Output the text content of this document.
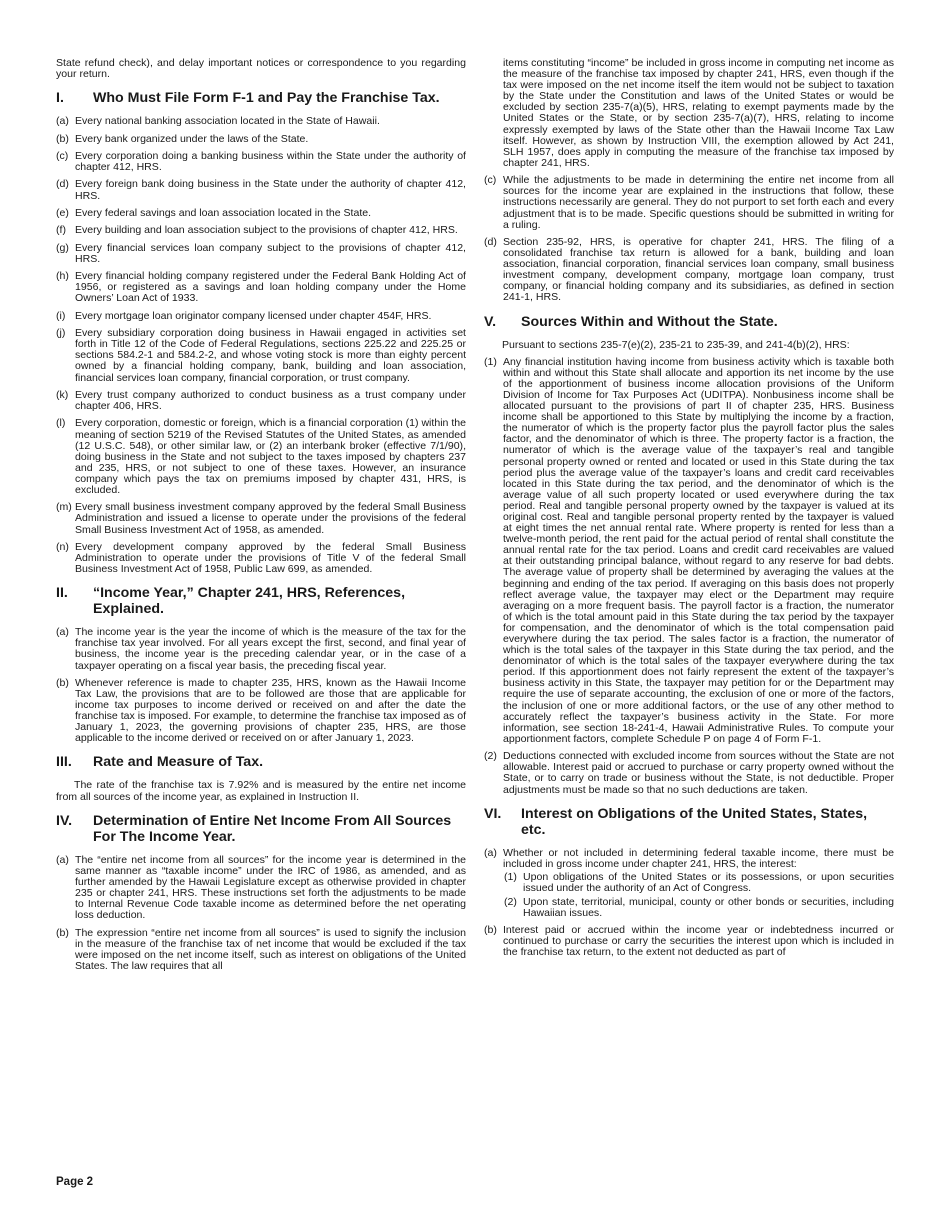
State refund check), and delay important notices or correspondence to you regarding your return.

I. Who Must File Form F-1 and Pay the Franchise Tax.
(a) Every national banking association located in the State of Hawaii.
(b) Every bank organized under the laws of the State.
(c) Every corporation doing a banking business within the State under the authority of chapter 412, HRS.
(d) Every foreign bank doing business in the State under the authority of chapter 412, HRS.
(e) Every federal savings and loan association located in the State.
(f) Every building and loan association subject to the provisions of chapter 412, HRS.
(g) Every financial services loan company subject to the provisions of chapter 412, HRS.
(h) Every financial holding company registered under the Federal Bank Holding Act of 1956, or registered as a savings and loan holding company under the Home Owners’ Loan Act of 1933.
(i) Every mortgage loan originator company licensed under chapter 454F, HRS.
(j) Every subsidiary corporation doing business in Hawaii engaged in activities set forth in Title 12 of the Code of Federal Regulations, sections 225.22 and 225.25 or sections 584.2-1 and 584.2-2, and whose voting stock is more than eighty percent owned by a financial holding company, bank, building and loan association, financial services loan company, financial corporation, or trust company.
(k) Every trust company authorized to conduct business as a trust company under chapter 406, HRS.
(l) Every corporation, domestic or foreign, which is a financial corporation (1) within the meaning of section 5219 of the Revised Statutes of the United States, as amended (12 U.S.C. 548), or other similar law, or (2) an interbank broker (effective 7/1/90), doing business in the State and not subject to the taxes imposed by chapters 237 and 235, HRS, or not subject to one of these taxes. However, an insurance company which pays the tax on premiums imposed by chapter 431, HRS, is excluded.
(m) Every small business investment company approved by the federal Small Business Administration and issued a license to operate under the provisions of the federal Small Business Investment Act of 1958, as amended.
(n) Every development company approved by the federal Small Business Administration to operate under the provisions of Title V of the federal Small Business Investment Act of 1958, Public Law 699, as amended.
II. “Income Year,” Chapter 241, HRS, References, Explained.
(a) The income year is the year the income of which is the measure of the tax for the franchise tax year involved. For all years except the first, second, and final year of business, the income year is the preceding calendar year, or in the case of a taxpayer operating on a fiscal year basis, the preceding fiscal year.
(b) Whenever reference is made to chapter 235, HRS, known as the Hawaii Income Tax Law, the provisions that are to be followed are those that are applicable for income tax purposes to income derived or received on and after the date the franchise tax is imposed. For example, to determine the franchise tax imposed as of January 1, 2023, the governing provisions of chapter 235, HRS, are those applicable to the income derived or received on or after January 1, 2023.
III. Rate and Measure of Tax.

The rate of the franchise tax is 7.92% and is measured by the entire net income from all sources of the income year, as explained in Instruction II.

IV. Determination of Entire Net Income From All Sources For The Income Year.
(a) The “entire net income from all sources” for the income year is determined in the same manner as “taxable income” under the IRC of 1986, as amended, and as further amended by the Hawaii Legislature except as otherwise provided in chapter 235 or chapter 241, HRS. These instructions set forth the adjustments to be made to Internal Revenue Code taxable income as determined before the net operating loss deduction.
(b) The expression “entire net income from all sources” is used to signify the inclusion in the measure of the franchise tax of net income that would be excluded if the tax were imposed on the net income itself, such as interest on obligations of the United States. The law requires that all

items constituting “income” be included in gross income in computing net income as the measure of the franchise tax imposed by chapter 241, HRS, even though if the tax were imposed on the net income itself the item would not be subject to taxation by the State under the Constitution and laws of the United States or would be excluded by section 235-7(a)(5), HRS, relating to exempt payments made by the United States or the State, or by section 235-7(a)(7), HRS, relating to income expressly exempted by laws of the State other than the Hawaii Income Tax Law itself. However, as shown by Instruction VIII, the exemption allowed by Act 241, SLH 1957, does apply in computing the measure of the franchise tax imposed by chapter 241, HRS.

(c) While the adjustments to be made in determining the entire net income from all sources for the income year are explained in the instructions that follow, these instructions necessarily are general. They do not purport to set forth each and every adjustment that is to be made. Specific questions should be submitted in writing for a ruling.
(d) Section 235-92, HRS, is operative for chapter 241, HRS. The filing of a consolidated franchise tax return is allowed for a bank, building and loan association, financial corporation, financial services loan company, small business investment company, development company, mortgage loan company, trust company, or financial holding company and its subsidiaries, as defined in section 241-1, HRS.
V. Sources Within and Without the State.

Pursuant to sections 235-7(e)(2), 235-21 to 235-39, and 241-4(b)(2), HRS:

(1) Any financial institution having income from business activity which is taxable both within and without this State shall allocate and apportion its net income by the use of the apportionment of business income allocation provisions of the Uniform Division of Income for Tax Purposes Act (UDITPA). Nonbusiness income shall be allocated pursuant to the provisions of part II of chapter 235, HRS. Business income shall be apportioned to this State by multiplying the income by a fraction, the numerator of which is the property factor plus the payroll factor plus the sales factor, and the denominator of which is three. The property factor is a fraction, the numerator of which is the average value of the taxpayer’s real and tangible personal property owned or rented and located or used in this State during the tax period plus the average value of the taxpayer’s loans and credit card receivables located in this State during the tax period, and the denominator of which is the average value of all such property located or used everywhere during the tax period. Real and tangible personal property owned by the taxpayer is valued at its original cost. Real and tangible personal property rented by the taxpayer is valued at eight times the net annual rental rate. Where property is rented for less than a twelve-month period, the rent paid for the actual period of rental shall constitute the annual rental rate for the tax period. Loans and credit card receivables are valued at their outstanding principal balance, without regard to any reserve for bad debts. The average value of property shall be determined by averaging the values at the beginning and ending of the tax period. If averaging on this basis does not properly reflect average value, the taxpayer may elect or the Department may require averaging on a more frequent basis. The payroll factor is a fraction, the numerator of which is the total amount paid in this State during the tax period by the taxpayer for compensation, and the denominator of which is the total compensation paid everywhere during the tax period. The sales factor is a fraction, the numerator of which is the total sales of the taxpayer in this State during the tax period, and the denominator of which is the total sales of the taxpayer everywhere during the tax period. If this apportionment does not fairly represent the extent of the taxpayer’s business activity in this State, the taxpayer may petition for or the Department may require the use of separate accounting, the exclusion of one or more of the factors, the inclusion of one or more additional factors, or the use of any other method to accurately reflect the taxpayer’s business activity in the State. For more information, see section 18-241-4, Hawaii Administrative Rules. To compute your apportionment factors, complete Schedule P on page 4 of Form F-1.
(2) Deductions connected with excluded income from sources without the State are not allowable. Interest paid or accrued to purchase or carry property owned without the State, or to carry on trade or business without the State, is not deductible. Proper adjustments must be made so that no such deductions are taken.
VI. Interest on Obligations of the United States, States, etc.
(a) Whether or not included in determining federal taxable income, there must be included in gross income under chapter 241, HRS, the interest:
(1) Upon obligations of the United States or its possessions, or upon securities issued under the authority of an Act of Congress.
(2) Upon state, territorial, municipal, county or other bonds or securities, including Hawaiian issues.
(b) Interest paid or accrued within the income year or indebtedness incurred or continued to purchase or carry the securities the interest upon which is included in the franchise tax return, to the extent not deducted as part of
Page 2
